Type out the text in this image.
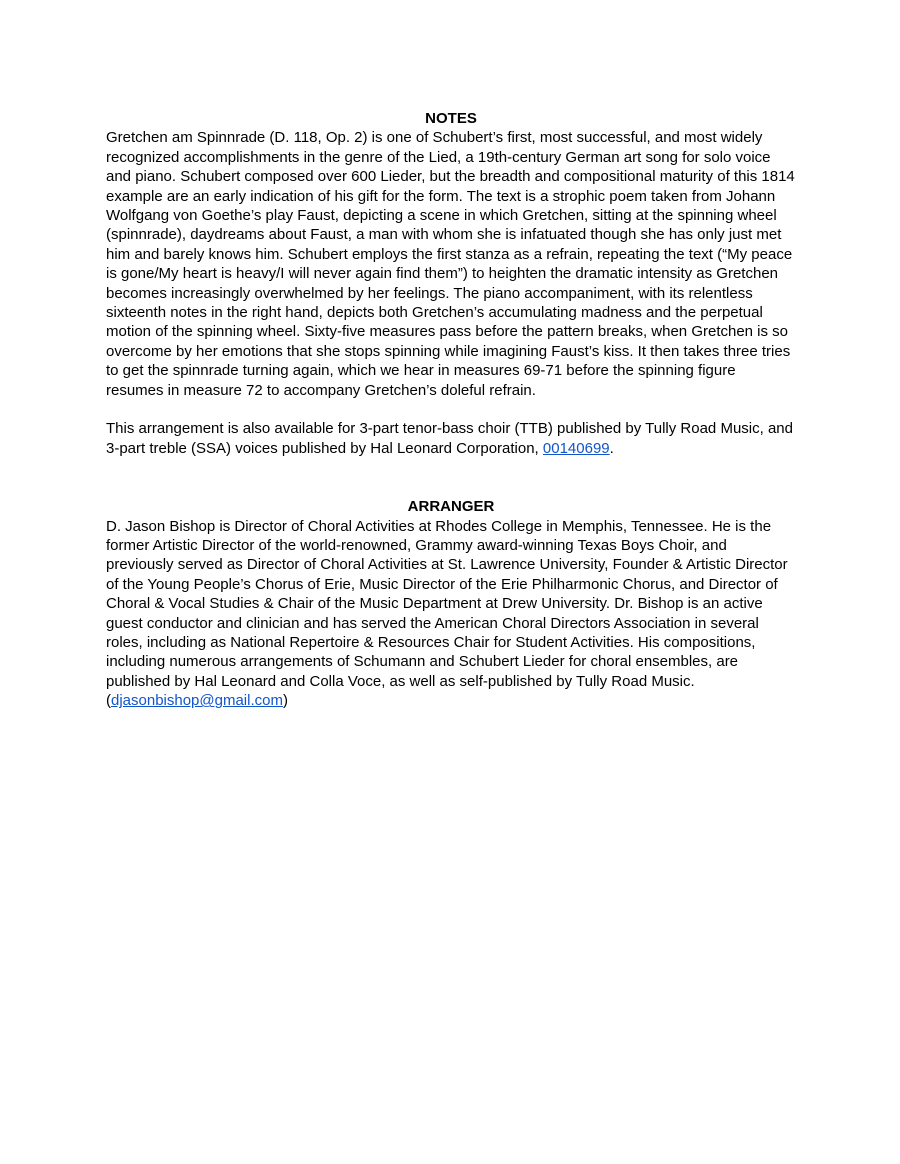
NOTES

Gretchen am Spinnrade (D. 118, Op. 2) is one of Schubert’s first, most successful, and most widely recognized accomplishments in the genre of the Lied, a 19th-century German art song for solo voice and piano. Schubert composed over 600 Lieder, but the breadth and compositional maturity of this 1814 example are an early indication of his gift for the form. The text is a strophic poem taken from Johann Wolfgang von Goethe’s play Faust, depicting a scene in which Gretchen, sitting at the spinning wheel (spinnrade), daydreams about Faust, a man with whom she is infatuated though she has only just met him and barely knows him. Schubert employs the first stanza as a refrain, repeating the text (“My peace is gone/My heart is heavy/I will never again find them”) to heighten the dramatic intensity as Gretchen becomes increasingly overwhelmed by her feelings. The piano accompaniment, with its relentless sixteenth notes in the right hand, depicts both Gretchen’s accumulating madness and the perpetual motion of the spinning wheel. Sixty-five measures pass before the pattern breaks, when Gretchen is so overcome by her emotions that she stops spinning while imagining Faust’s kiss. It then takes three tries to get the spinnrade turning again, which we hear in measures 69-71 before the spinning figure resumes in measure 72 to accompany Gretchen’s doleful refrain.

This arrangement is also available for 3-part tenor-bass choir (TTB) published by Tully Road Music, and 3-part treble (SSA) voices published by Hal Leonard Corporation, 00140699.

ARRANGER

D. Jason Bishop is Director of Choral Activities at Rhodes College in Memphis, Tennessee. He is the former Artistic Director of the world-renowned, Grammy award-winning Texas Boys Choir, and previously served as Director of Choral Activities at St. Lawrence University, Founder & Artistic Director of the Young People’s Chorus of Erie, Music Director of the Erie Philharmonic Chorus, and Director of Choral & Vocal Studies & Chair of the Music Department at Drew University. Dr. Bishop is an active guest conductor and clinician and has served the American Choral Directors Association in several roles, including as National Repertoire & Resources Chair for Student Activities. His compositions, including numerous arrangements of Schumann and Schubert Lieder for choral ensembles, are published by Hal Leonard and Colla Voce, as well as self-published by Tully Road Music. (djasonbishop@gmail.com)
